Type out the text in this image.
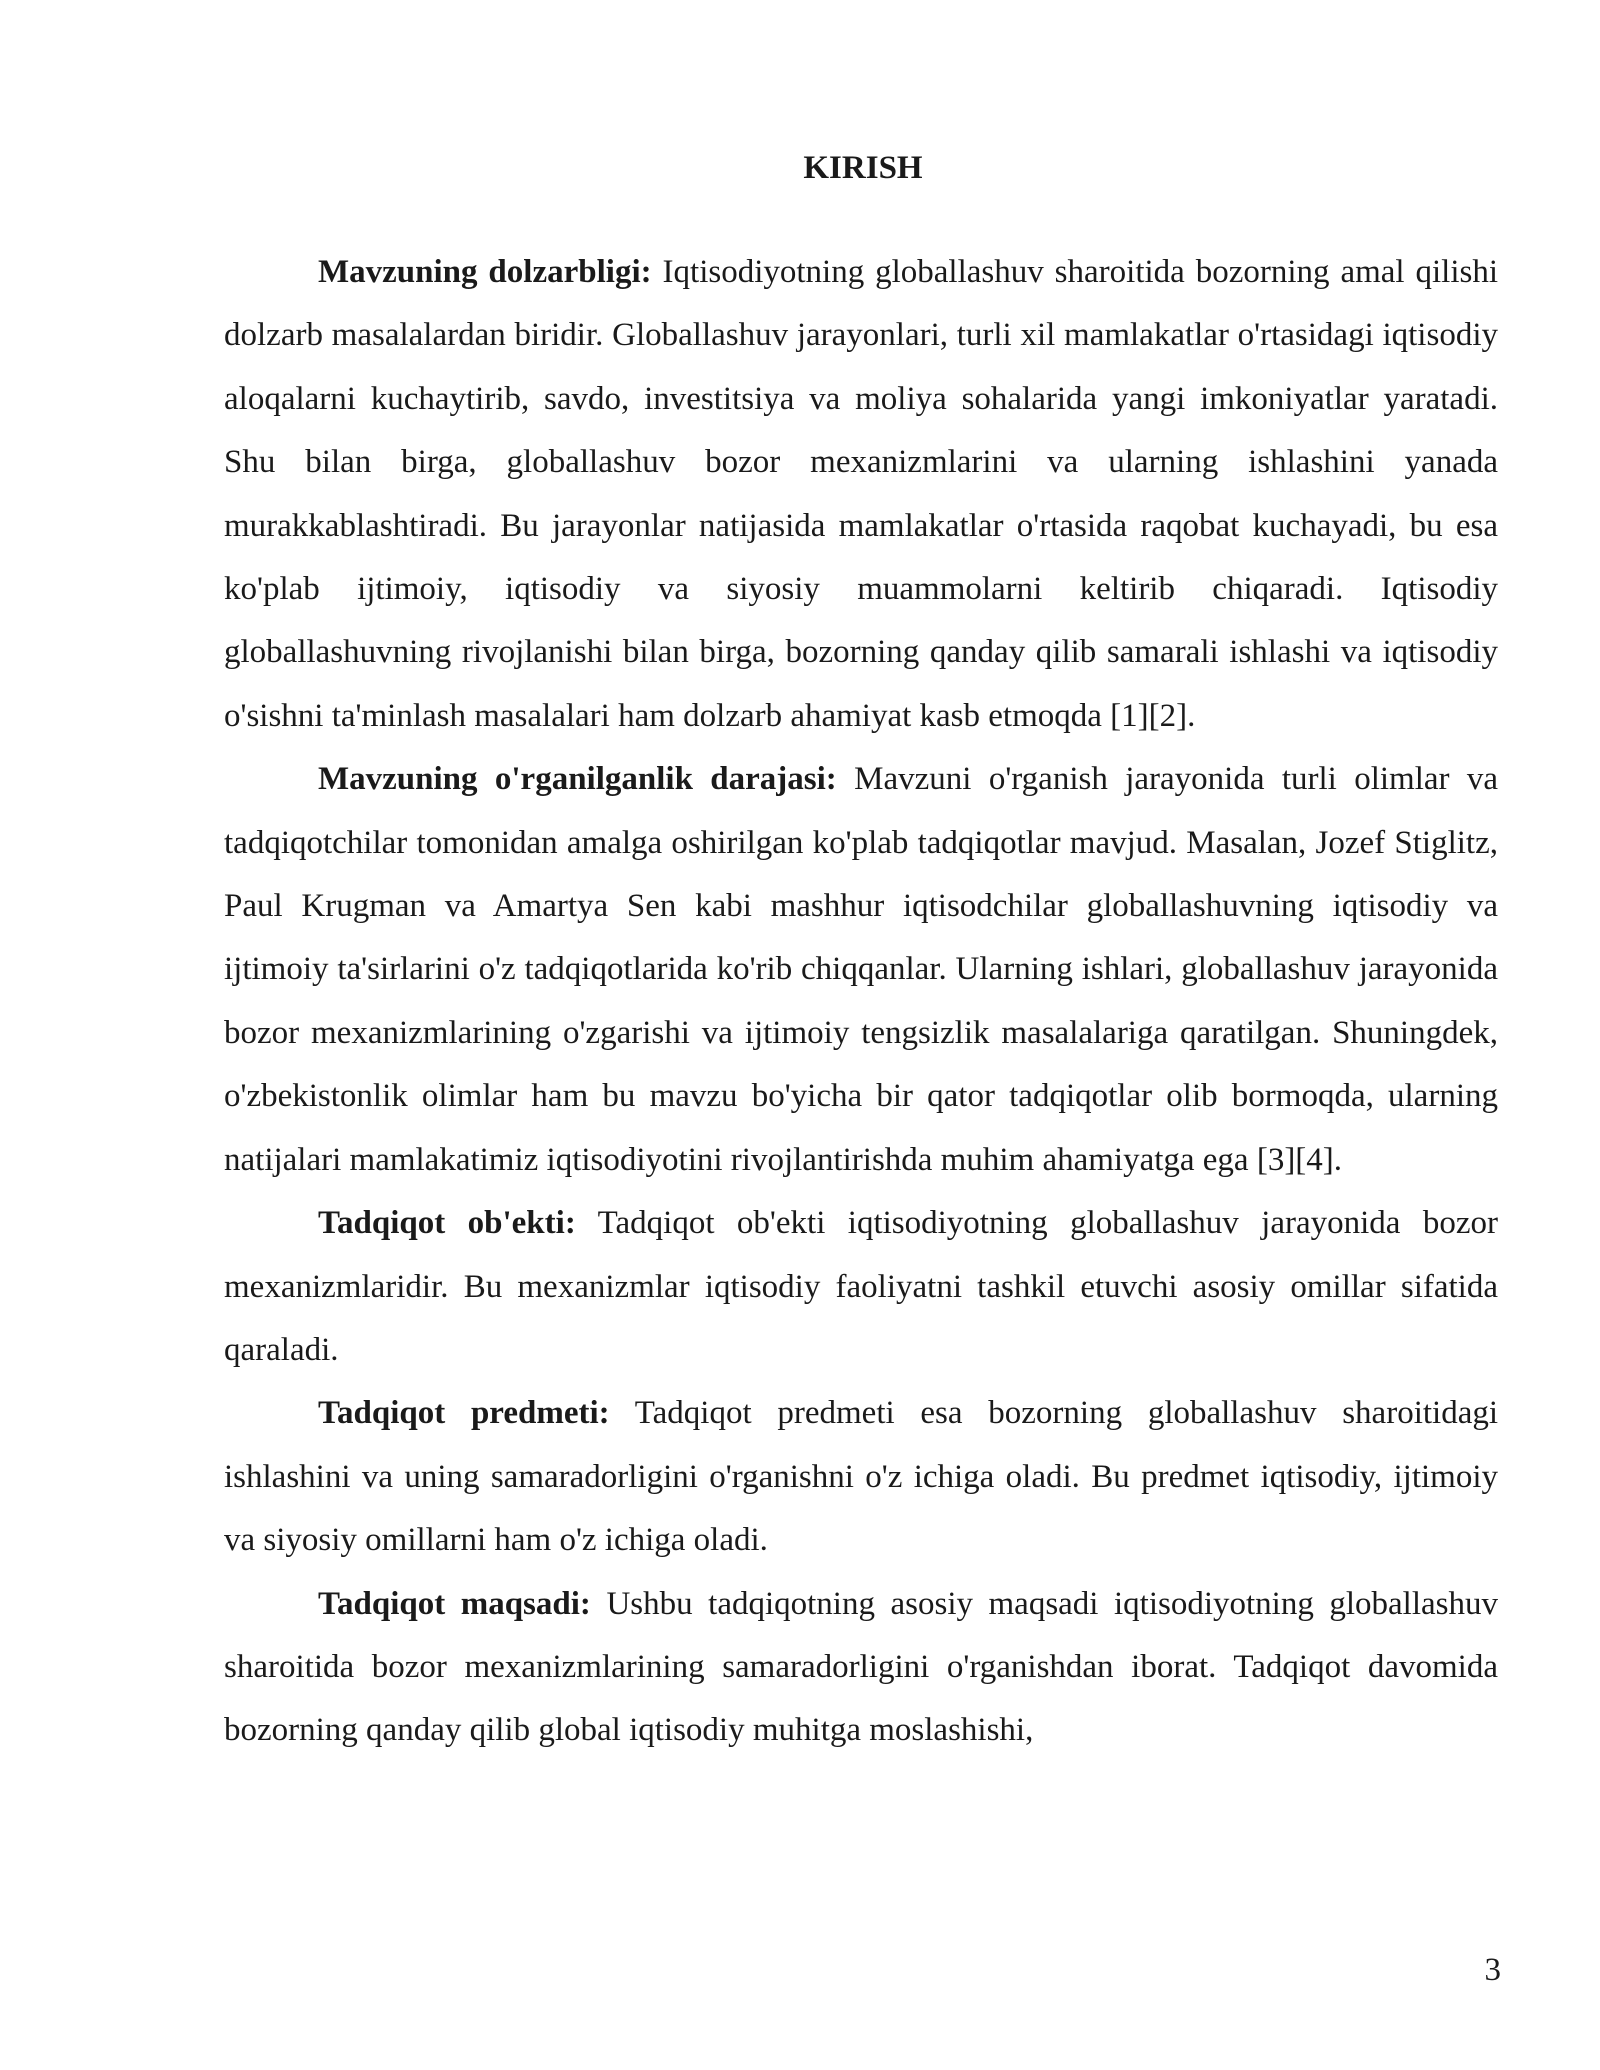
KIRISH

Mavzuning dolzarbligi: Iqtisodiyotning globallashuv sharoitida bozorning amal qilishi dolzarb masalalardan biridir. Globallashuv jarayonlari, turli xil mamlakatlar o'rtasidagi iqtisodiy aloqalarni kuchaytirib, savdo, investitsiya va moliya sohalarida yangi imkoniyatlar yaratadi. Shu bilan birga, globallashuv bozor mexanizmlarini va ularning ishlashini yanada murakkablashtiradi. Bu jarayonlar natijasida mamlakatlar o'rtasida raqobat kuchayadi, bu esa ko'plab ijtimoiy, iqtisodiy va siyosiy muammolarni keltirib chiqaradi. Iqtisodiy globallashuvning rivojlanishi bilan birga, bozorning qanday qilib samarali ishlashi va iqtisodiy o'sishni ta'minlash masalalari ham dolzarb ahamiyat kasb etmoqda [1][2].

Mavzuning o'rganilganlik darajasi: Mavzuni o'rganish jarayonida turli olimlar va tadqiqotchilar tomonidan amalga oshirilgan ko'plab tadqiqotlar mavjud. Masalan, Jozef Stiglitz, Paul Krugman va Amartya Sen kabi mashhur iqtisodchilar globallashuvning iqtisodiy va ijtimoiy ta'sirlarini o'z tadqiqotlarida ko'rib chiqqanlar. Ularning ishlari, globallashuv jarayonida bozor mexanizmlarining o'zgarishi va ijtimoiy tengsizlik masalalariga qaratilgan. Shuningdek, o'zbekistonlik olimlar ham bu mavzu bo'yicha bir qator tadqiqotlar olib bormoqda, ularning natijalari mamlakatimiz iqtisodiyotini rivojlantirishda muhim ahamiyatga ega [3][4].

Tadqiqot ob'ekti: Tadqiqot ob'ekti iqtisodiyotning globallashuv jarayonida bozor mexanizmlaridir. Bu mexanizmlar iqtisodiy faoliyatni tashkil etuvchi asosiy omillar sifatida qaraladi.

Tadqiqot predmeti: Tadqiqot predmeti esa bozorning globallashuv sharoitidagi ishlashini va uning samaradorligini o'rganishni o'z ichiga oladi. Bu predmet iqtisodiy, ijtimoiy va siyosiy omillarni ham o'z ichiga oladi.

Tadqiqot maqsadi: Ushbu tadqiqotning asosiy maqsadi iqtisodiyotning globallashuv sharoitida bozor mexanizmlarining samaradorligini o'rganishdan iborat. Tadqiqot davomida bozorning qanday qilib global iqtisodiy muhitga moslashishi,

3
